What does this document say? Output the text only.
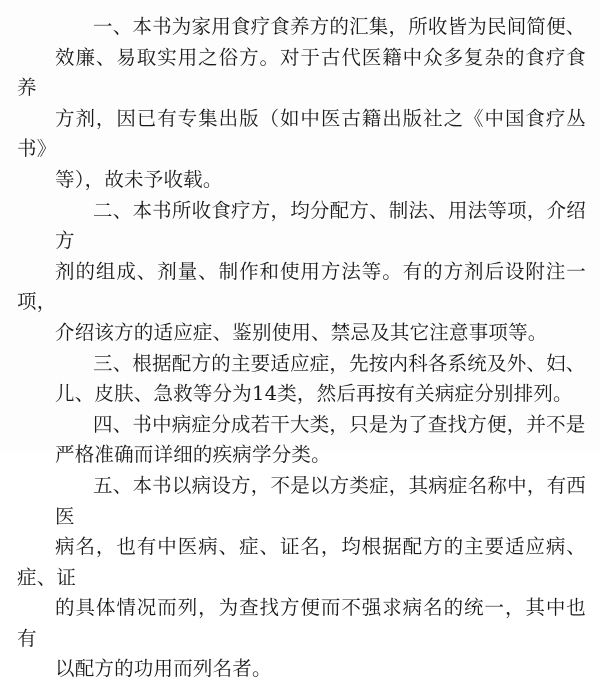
一、本书为家用食疗食养方的汇集，所收皆为民间简便、
效廉、易取实用之俗方。对于古代医籍中众多复杂的食疗食养
方剂，因已有专集出版（如中医古籍出版社之《中国食疗丛书》
等），故未予收载。

二、本书所收食疗方，均分配方、制法、用法等项，介绍方
剂的组成、剂量、制作和使用方法等。有的方剂后设附注一项，
介绍该方的适应症、鉴别使用、禁忌及其它注意事项等。

三、根据配方的主要适应症，先按内科各系统及外、妇、
儿、皮肤、急救等分为14类，然后再按有关病症分别排列。

四、书中病症分成若干大类，只是为了查找方便，并不是
严格准确而详细的疾病学分类。

五、本书以病设方，不是以方类症，其病症名称中，有西医
病名，也有中医病、症、证名，均根据配方的主要适应病、症、证
的具体情况而列，为查找方便而不强求病名的统一，其中也有
以配方的功用而列名者。
